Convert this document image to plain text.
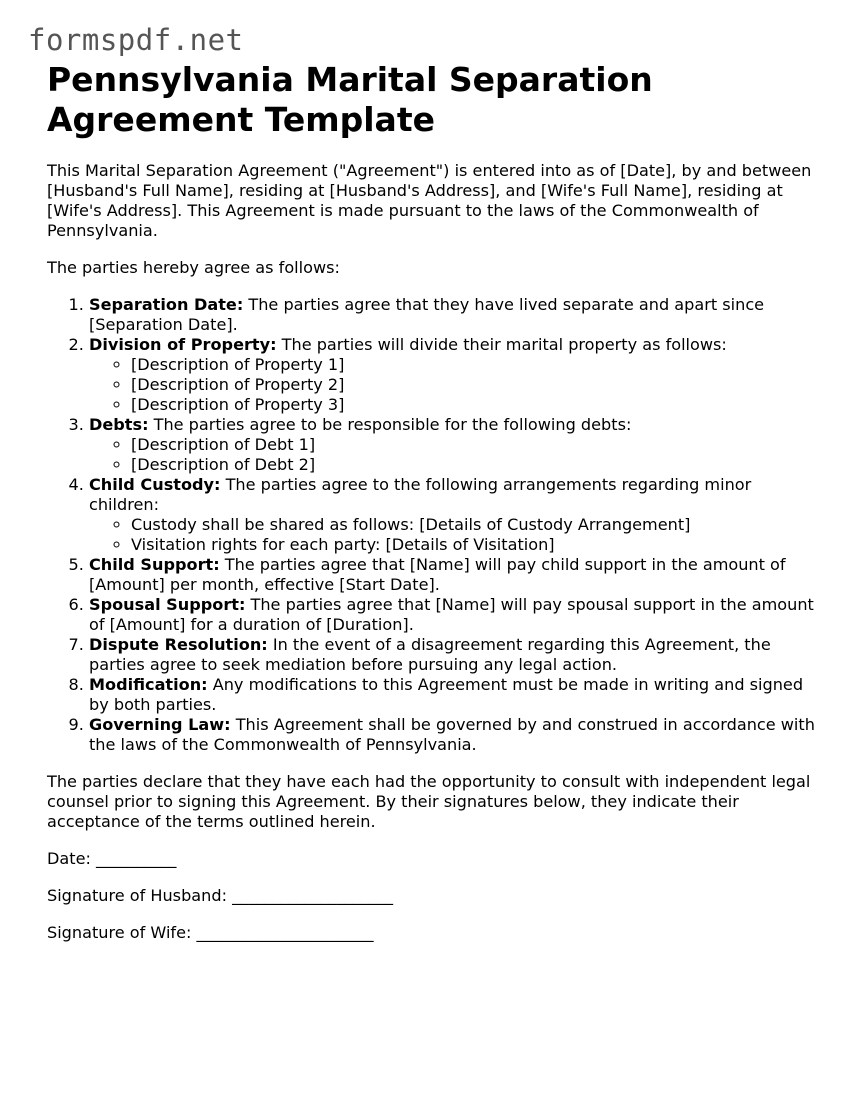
formspdf.net
Pennsylvania Marital Separation Agreement Template

This Marital Separation Agreement ("Agreement") is entered into as of [Date], by and between [Husband's Full Name], residing at [Husband's Address], and [Wife's Full Name], residing at [Wife's Address]. This Agreement is made pursuant to the laws of the Commonwealth of Pennsylvania.

The parties hereby agree as follows:

1. Separation Date: The parties agree that they have lived separate and apart since [Separation Date].
2. Division of Property: The parties will divide their marital property as follows:
◦ [Description of Property 1]
◦ [Description of Property 2]
◦ [Description of Property 3]
3. Debts: The parties agree to be responsible for the following debts:
◦ [Description of Debt 1]
◦ [Description of Debt 2]
4. Child Custody: The parties agree to the following arrangements regarding minor children:
◦ Custody shall be shared as follows: [Details of Custody Arrangement]
◦ Visitation rights for each party: [Details of Visitation]
5. Child Support: The parties agree that [Name] will pay child support in the amount of [Amount] per month, effective [Start Date].
6. Spousal Support: The parties agree that [Name] will pay spousal support in the amount of [Amount] for a duration of [Duration].
7. Dispute Resolution: In the event of a disagreement regarding this Agreement, the parties agree to seek mediation before pursuing any legal action.
8. Modification: Any modifications to this Agreement must be made in writing and signed by both parties.
9. Governing Law: This Agreement shall be governed by and construed in accordance with the laws of the Commonwealth of Pennsylvania.

The parties declare that they have each had the opportunity to consult with independent legal counsel prior to signing this Agreement. By their signatures below, they indicate their acceptance of the terms outlined herein.

Date: __________

Signature of Husband: ____________________

Signature of Wife: ______________________
